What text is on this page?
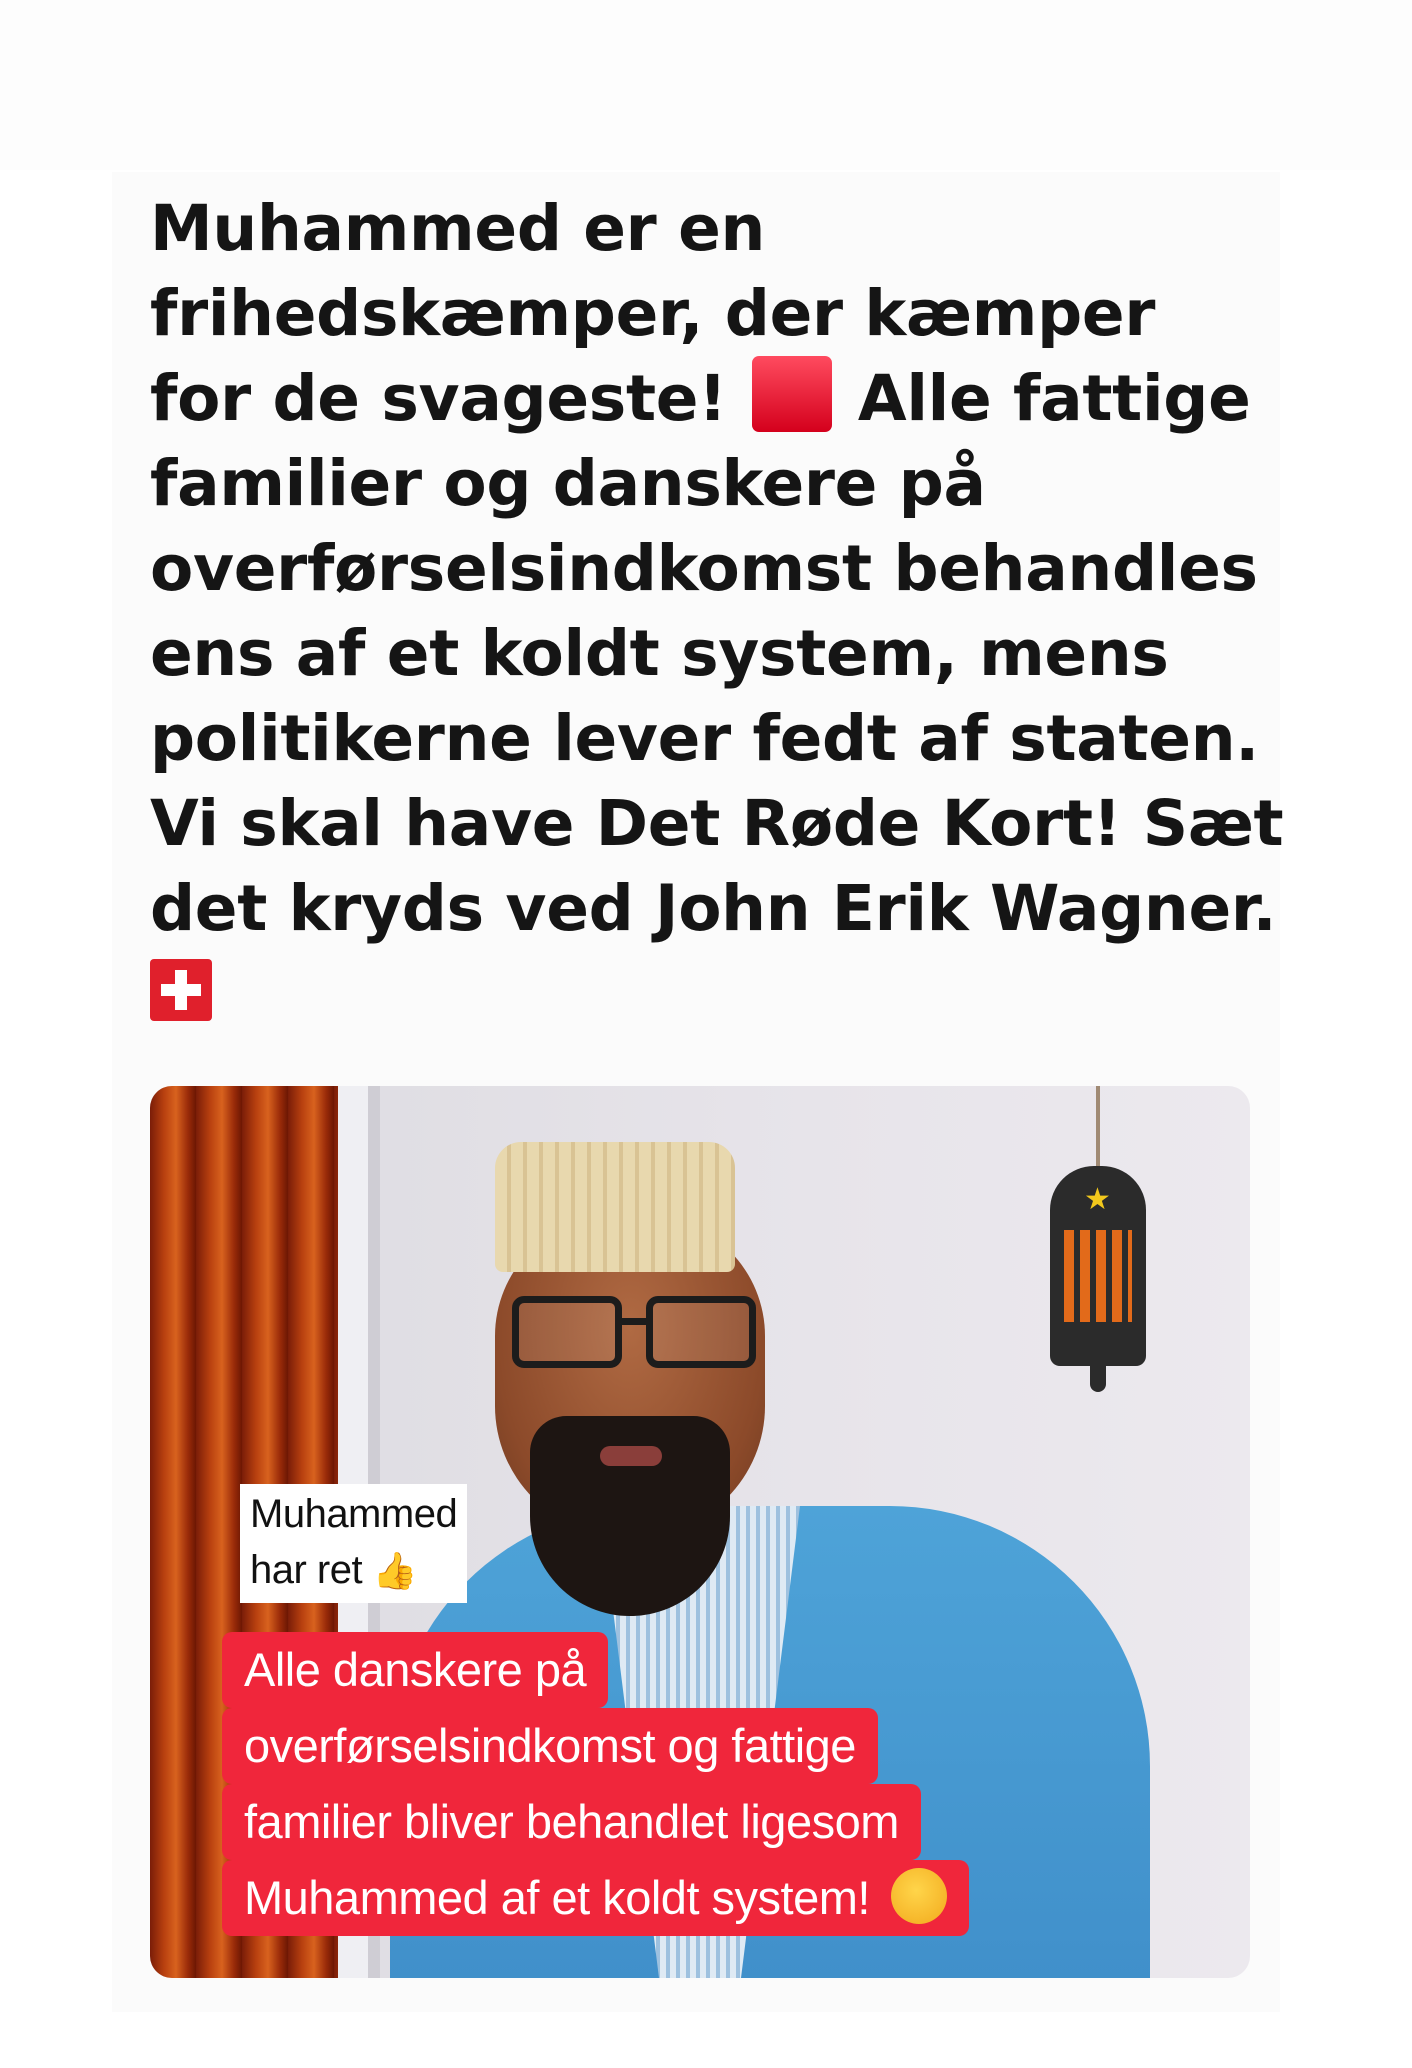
Muhammed er en
frihedskæmper, der kæmper
for de svageste! Alle fattige
familier og danskere på
overførselsindkomst behandles
ens af et koldt system, mens
politikerne lever fedt af staten.
Vi skal have Det Røde Kort! Sæt
det kryds ved John Erik Wagner.

★
Muhammed
har ret 👍
Alle danskere på
overførselsindkomst og fattige
familier bliver behandlet ligesom
Muhammed af et koldt system!
